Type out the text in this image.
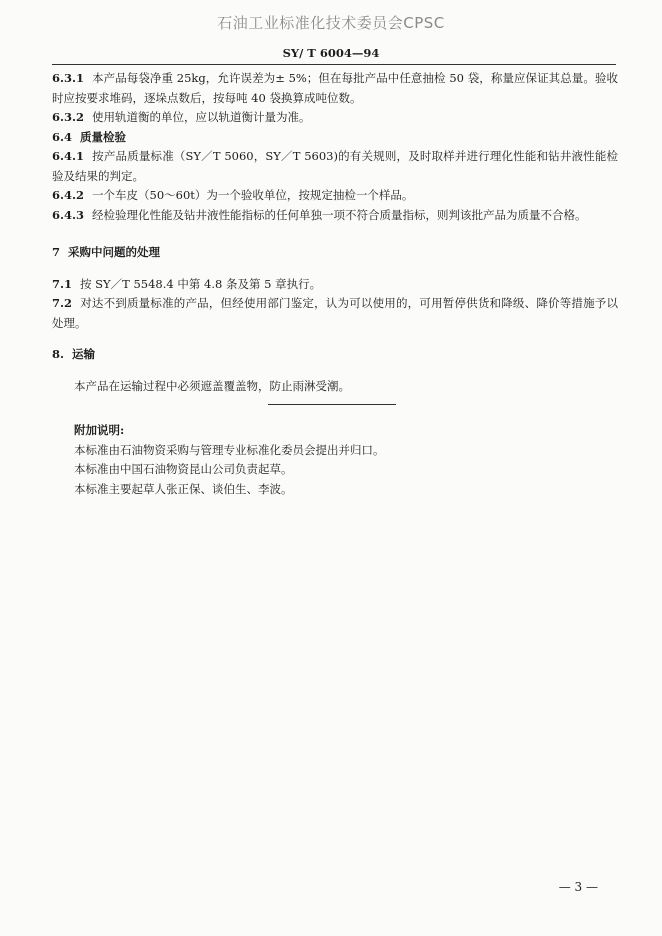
石油工业标准化技术委员会CPSC
SY/ T 6004—94

6.3.1 本产品每袋净重 25kg，允许误差为± 5%；但在每批产品中任意抽检 50 袋，称量应保证其总量。验收时应按要求堆码，逐垛点数后，按每吨 40 袋换算成吨位数。

6.3.2 使用轨道衡的单位，应以轨道衡计量为准。

6.4 质量检验

6.4.1 按产品质量标准（SY／T 5060，SY／T 5603)的有关规则，及时取样并进行理化性能和钻井液性能检验及结果的判定。

6.4.2 一个车皮（50～60t）为一个验收单位，按规定抽检一个样品。

6.4.3 经检验理化性能及钻井液性能指标的任何单独一项不符合质量指标，则判该批产品为质量不合格。

7 采购中问题的处理

7.1 按 SY／T 5548.4 中第 4.8 条及第 5 章执行。

7.2 对达不到质量标准的产品，但经使用部门鉴定，认为可以使用的，可用暂停供货和降级、降价等措施予以处理。

8. 运输

本产品在运输过程中必须遮盖覆盖物，防止雨淋受潮。

附加说明:

本标准由石油物资采购与管理专业标准化委员会提出并归口。

本标准由中国石油物资昆山公司负责起草。

本标准主要起草人张正保、谈伯生、李波。

— 3 —
